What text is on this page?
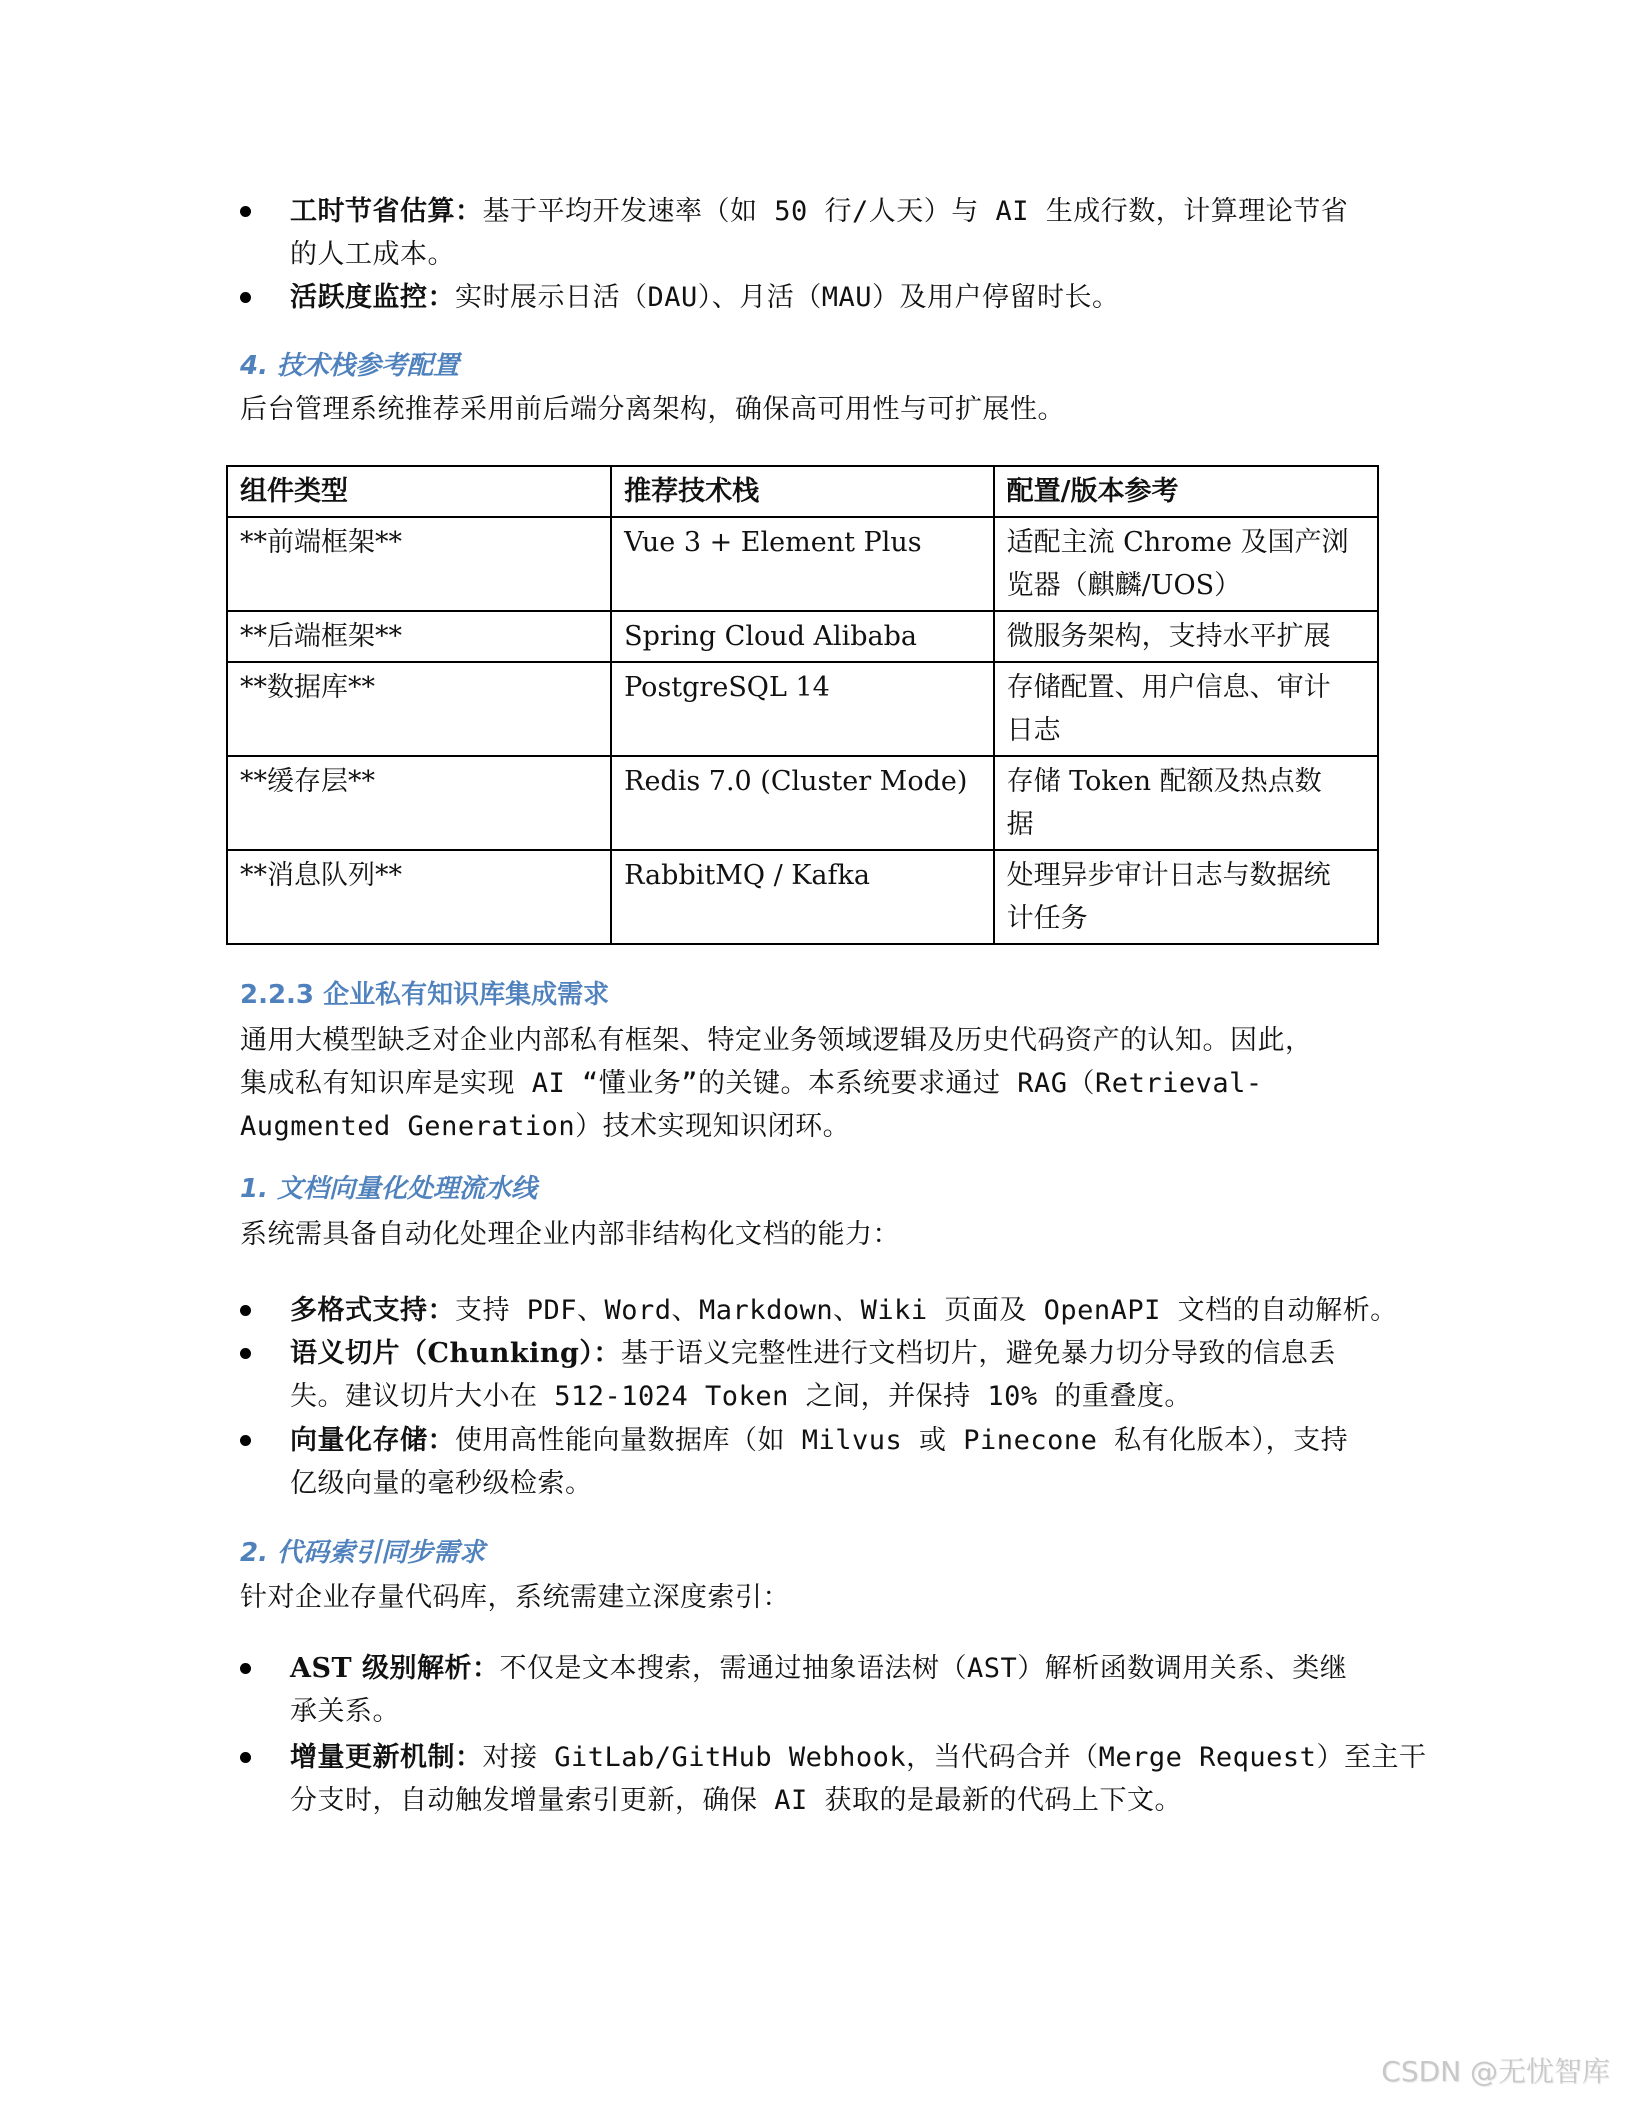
工时节省估算：基于平均开发速率（如 50 行/人天）与 AI 生成行数，计算理论节省
的人工成本。
活跃度监控：实时展示日活（DAU）、月活（MAU）及用户停留时长。
4. 技术栈参考配置
后台管理系统推荐采用前后端分离架构，确保高可用性与可扩展性。
组件类型	推荐技术栈	配置/版本参考
**前端框架**	Vue 3 + Element Plus	适配主流 Chrome 及国产浏
览器（麒麟/UOS）

**后端框架**	Spring Cloud Alibaba	微服务架构，支持水平扩展

**数据库**	PostgreSQL 14	存储配置、用户信息、审计
日志

**缓存层**	Redis 7.0 (Cluster Mode)	存储 Token 配额及热点数
据

**消息队列**	RabbitMQ / Kafka	处理异步审计日志与数据统
计任务
2.2.3 企业私有知识库集成需求
通用大模型缺乏对企业内部私有框架、特定业务领域逻辑及历史代码资产的认知。因此，
集成私有知识库是实现 AI “懂业务”的关键。本系统要求通过 RAG（Retrieval-
Augmented Generation）技术实现知识闭环。
1. 文档向量化处理流水线
系统需具备自动化处理企业内部非结构化文档的能力：
多格式支持：支持 PDF、Word、Markdown、Wiki 页面及 OpenAPI 文档的自动解析。
语义切片（Chunking）：基于语义完整性进行文档切片，避免暴力切分导致的信息丢
失。建议切片大小在 512-1024 Token 之间，并保持 10% 的重叠度。
向量化存储：使用高性能向量数据库（如 Milvus 或 Pinecone 私有化版本），支持
亿级向量的毫秒级检索。
2. 代码索引同步需求
针对企业存量代码库，系统需建立深度索引：
AST 级别解析：不仅是文本搜索，需通过抽象语法树（AST）解析函数调用关系、类继
承关系。
增量更新机制：对接 GitLab/GitHub Webhook，当代码合并（Merge Request）至主干
分支时，自动触发增量索引更新，确保 AI 获取的是最新的代码上下文。
CSDN @无忧智库
